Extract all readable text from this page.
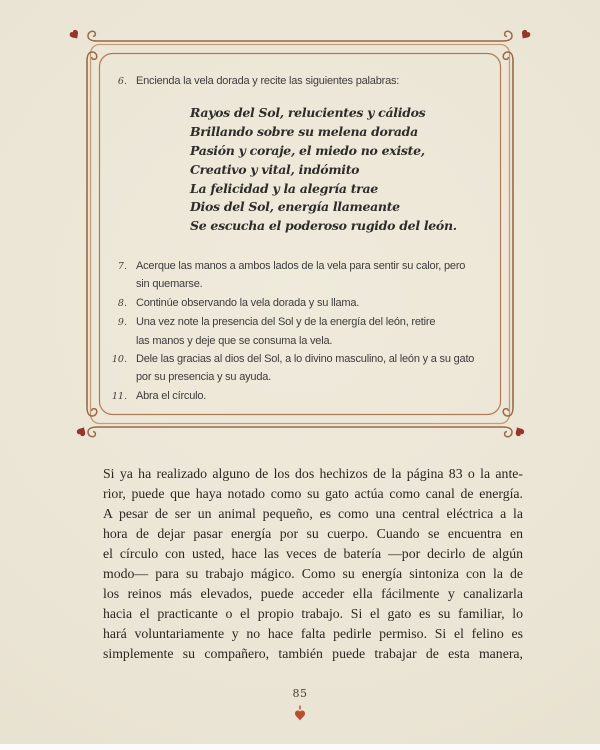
6. Encienda la vela dorada y recite las siguientes palabras:
Rayos del Sol, relucientes y cálidos
Brillando sobre su melena dorada
Pasión y coraje, el miedo no existe,
Creativo y vital, indómito
La felicidad y la alegría trae
Dios del Sol, energía llameante
Se escucha el poderoso rugido del león.
7. Acerque las manos a ambos lados de la vela para sentir su calor, pero
sin quemarse.
8. Continúe observando la vela dorada y su llama.
9. Una vez note la presencia del Sol y de la energía del león, retire
las manos y deje que se consuma la vela.
10. Dele las gracias al dios del Sol, a lo divino masculino, al león y a su gato
por su presencia y su ayuda.
11. Abra el círculo.
Si ya ha realizado alguno de los dos hechizos de la página 83 o la ante-
rior, puede que haya notado como su gato actúa como canal de energía.
A pesar de ser un animal pequeño, es como una central eléctrica a la
hora de dejar pasar energía por su cuerpo. Cuando se encuentra en
el círculo con usted, hace las veces de batería —por decirlo de algún
modo— para su trabajo mágico. Como su energía sintoniza con la de
los reinos más elevados, puede acceder ella fácilmente y canalizarla
hacia el practicante o el propio trabajo. Si el gato es su familiar, lo
hará voluntariamente y no hace falta pedirle permiso. Si el felino es
simplemente su compañero, también puede trabajar de esta manera,
85
